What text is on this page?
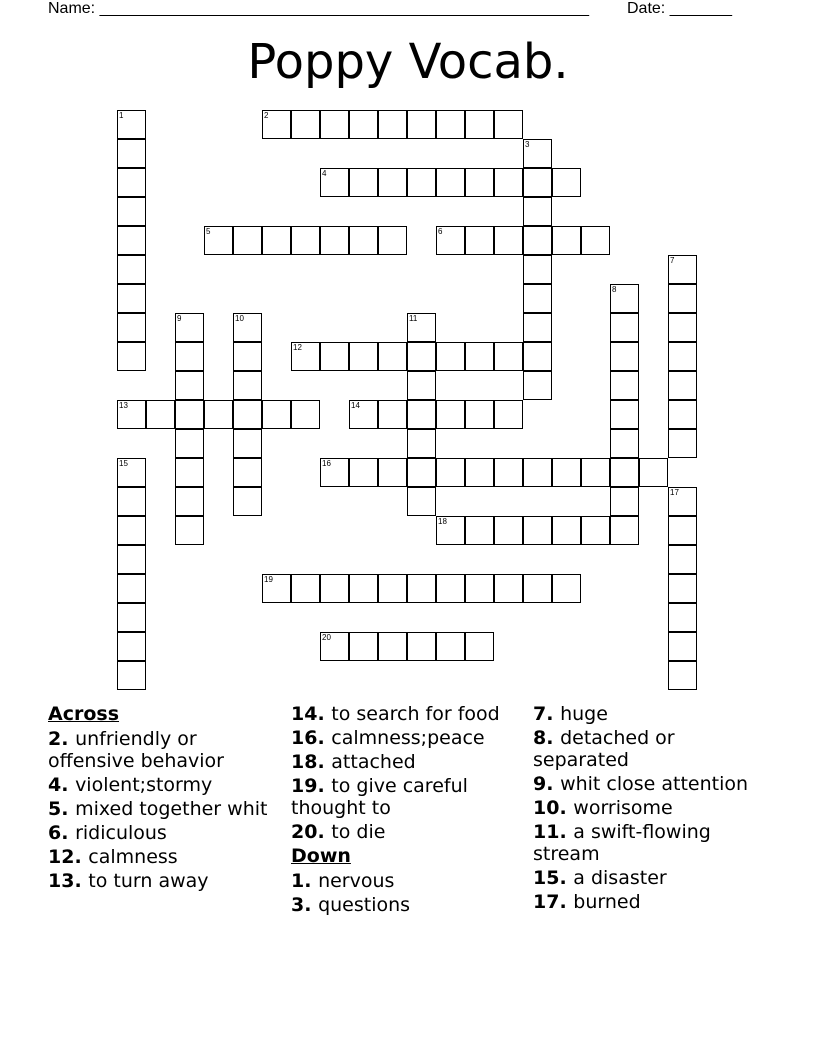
Name: _______________________________________________________ Date: _______
Poppy Vocab.
2
4
5	6
12
13	14
16
18
19
20
1
3
7
8
9	10	11
15
17
Across
2. unfriendly or offensive behavior
4. violent;stormy
5. mixed together whit
6. ridiculous
12. calmness
13. to turn away
14. to search for food
16. calmness;peace
18. attached
19. to give careful thought to
20. to die
Down
1. nervous
3. questions
7. huge
8. detached or separated
9. whit close attention
10. worrisome
11. a swift-flowing stream
15. a disaster
17. burned
